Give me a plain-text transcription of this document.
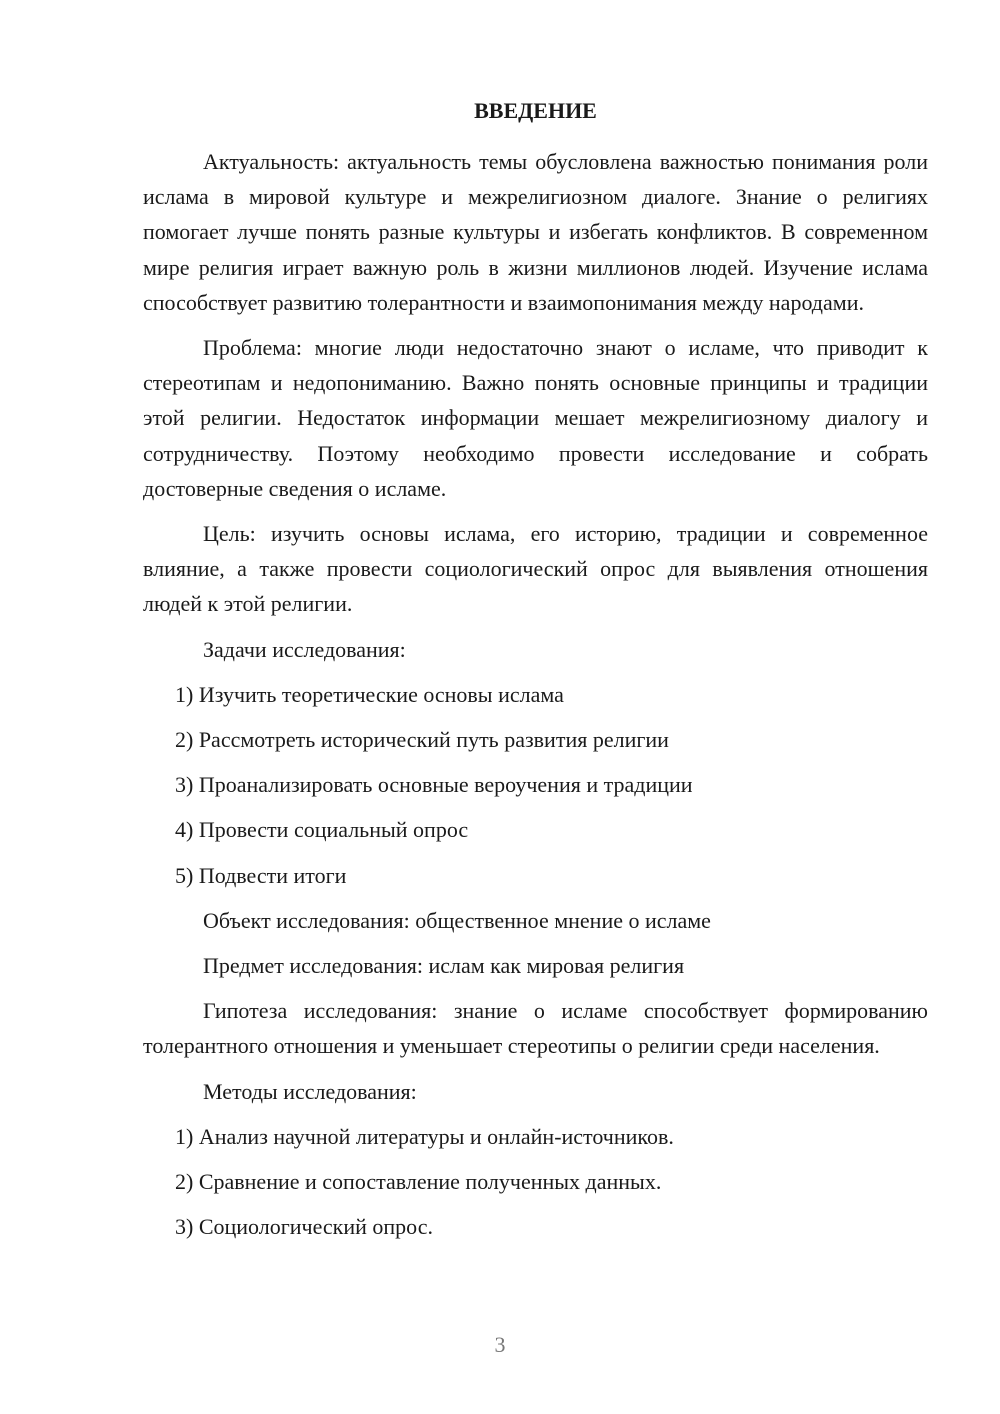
ВВЕДЕНИЕ

Актуальность: актуальность темы обусловлена важностью понимания роли ислама в мировой культуре и межрелигиозном диалоге. Знание о религиях помогает лучше понять разные культуры и избегать конфликтов. В современном мире религия играет важную роль в жизни миллионов людей. Изучение ислама способствует развитию толерантности и взаимопонимания между народами.

Проблема: многие люди недостаточно знают о исламе, что приводит к стереотипам и недопониманию. Важно понять основные принципы и традиции этой религии. Недостаток информации мешает межрелигиозному диалогу и сотрудничеству. Поэтому необходимо провести исследование и собрать достоверные сведения о исламе.

Цель: изучить основы ислама, его историю, традиции и современное влияние, а также провести социологический опрос для выявления отношения людей к этой религии.

Задачи исследования:
1) Изучить теоретические основы ислама
2) Рассмотреть исторический путь развития религии
3) Проанализировать основные вероучения и традиции
4) Провести социальный опрос
5) Подвести итоги
Объект исследования: общественное мнение о исламе
Предмет исследования: ислам как мировая религия

Гипотеза исследования: знание о исламе способствует формированию толерантного отношения и уменьшает стереотипы о религии среди населения.

Методы исследования:
1) Анализ научной литературы и онлайн-источников.
2) Сравнение и сопоставление полученных данных.
3) Социологический опрос.
3
